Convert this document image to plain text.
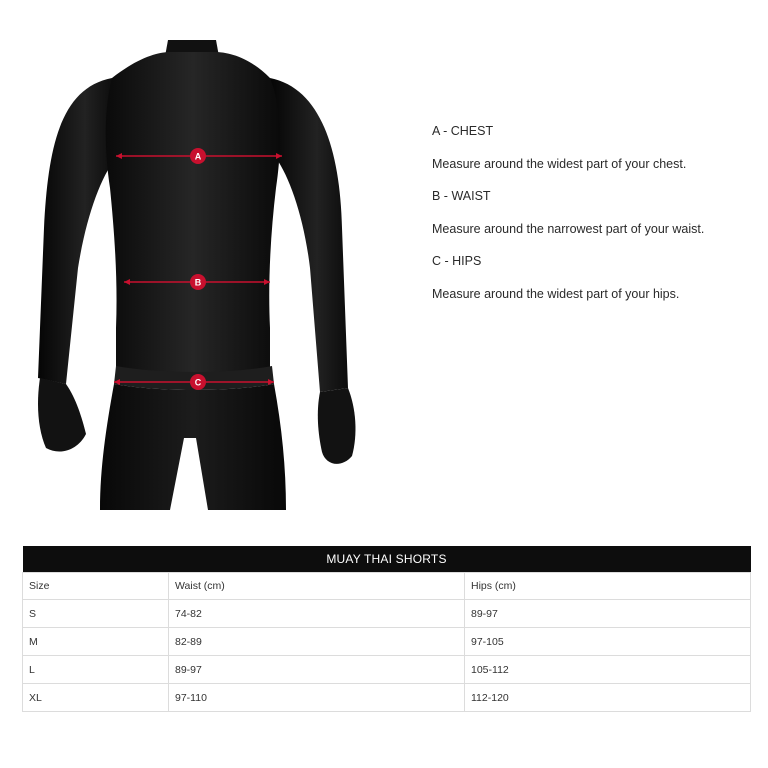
A
B
C

A - CHEST

Measure around the widest part of your chest.

B - WAIST

Measure around the narrowest part of your waist.

C - HIPS

Measure around the widest part of your hips.

MUAY THAI SHORTS		
Size	Waist (cm)	Hips (cm)
S	74-82	89-97
M	82-89	97-105
L	89-97	105-112
XL	97-110	112-120
